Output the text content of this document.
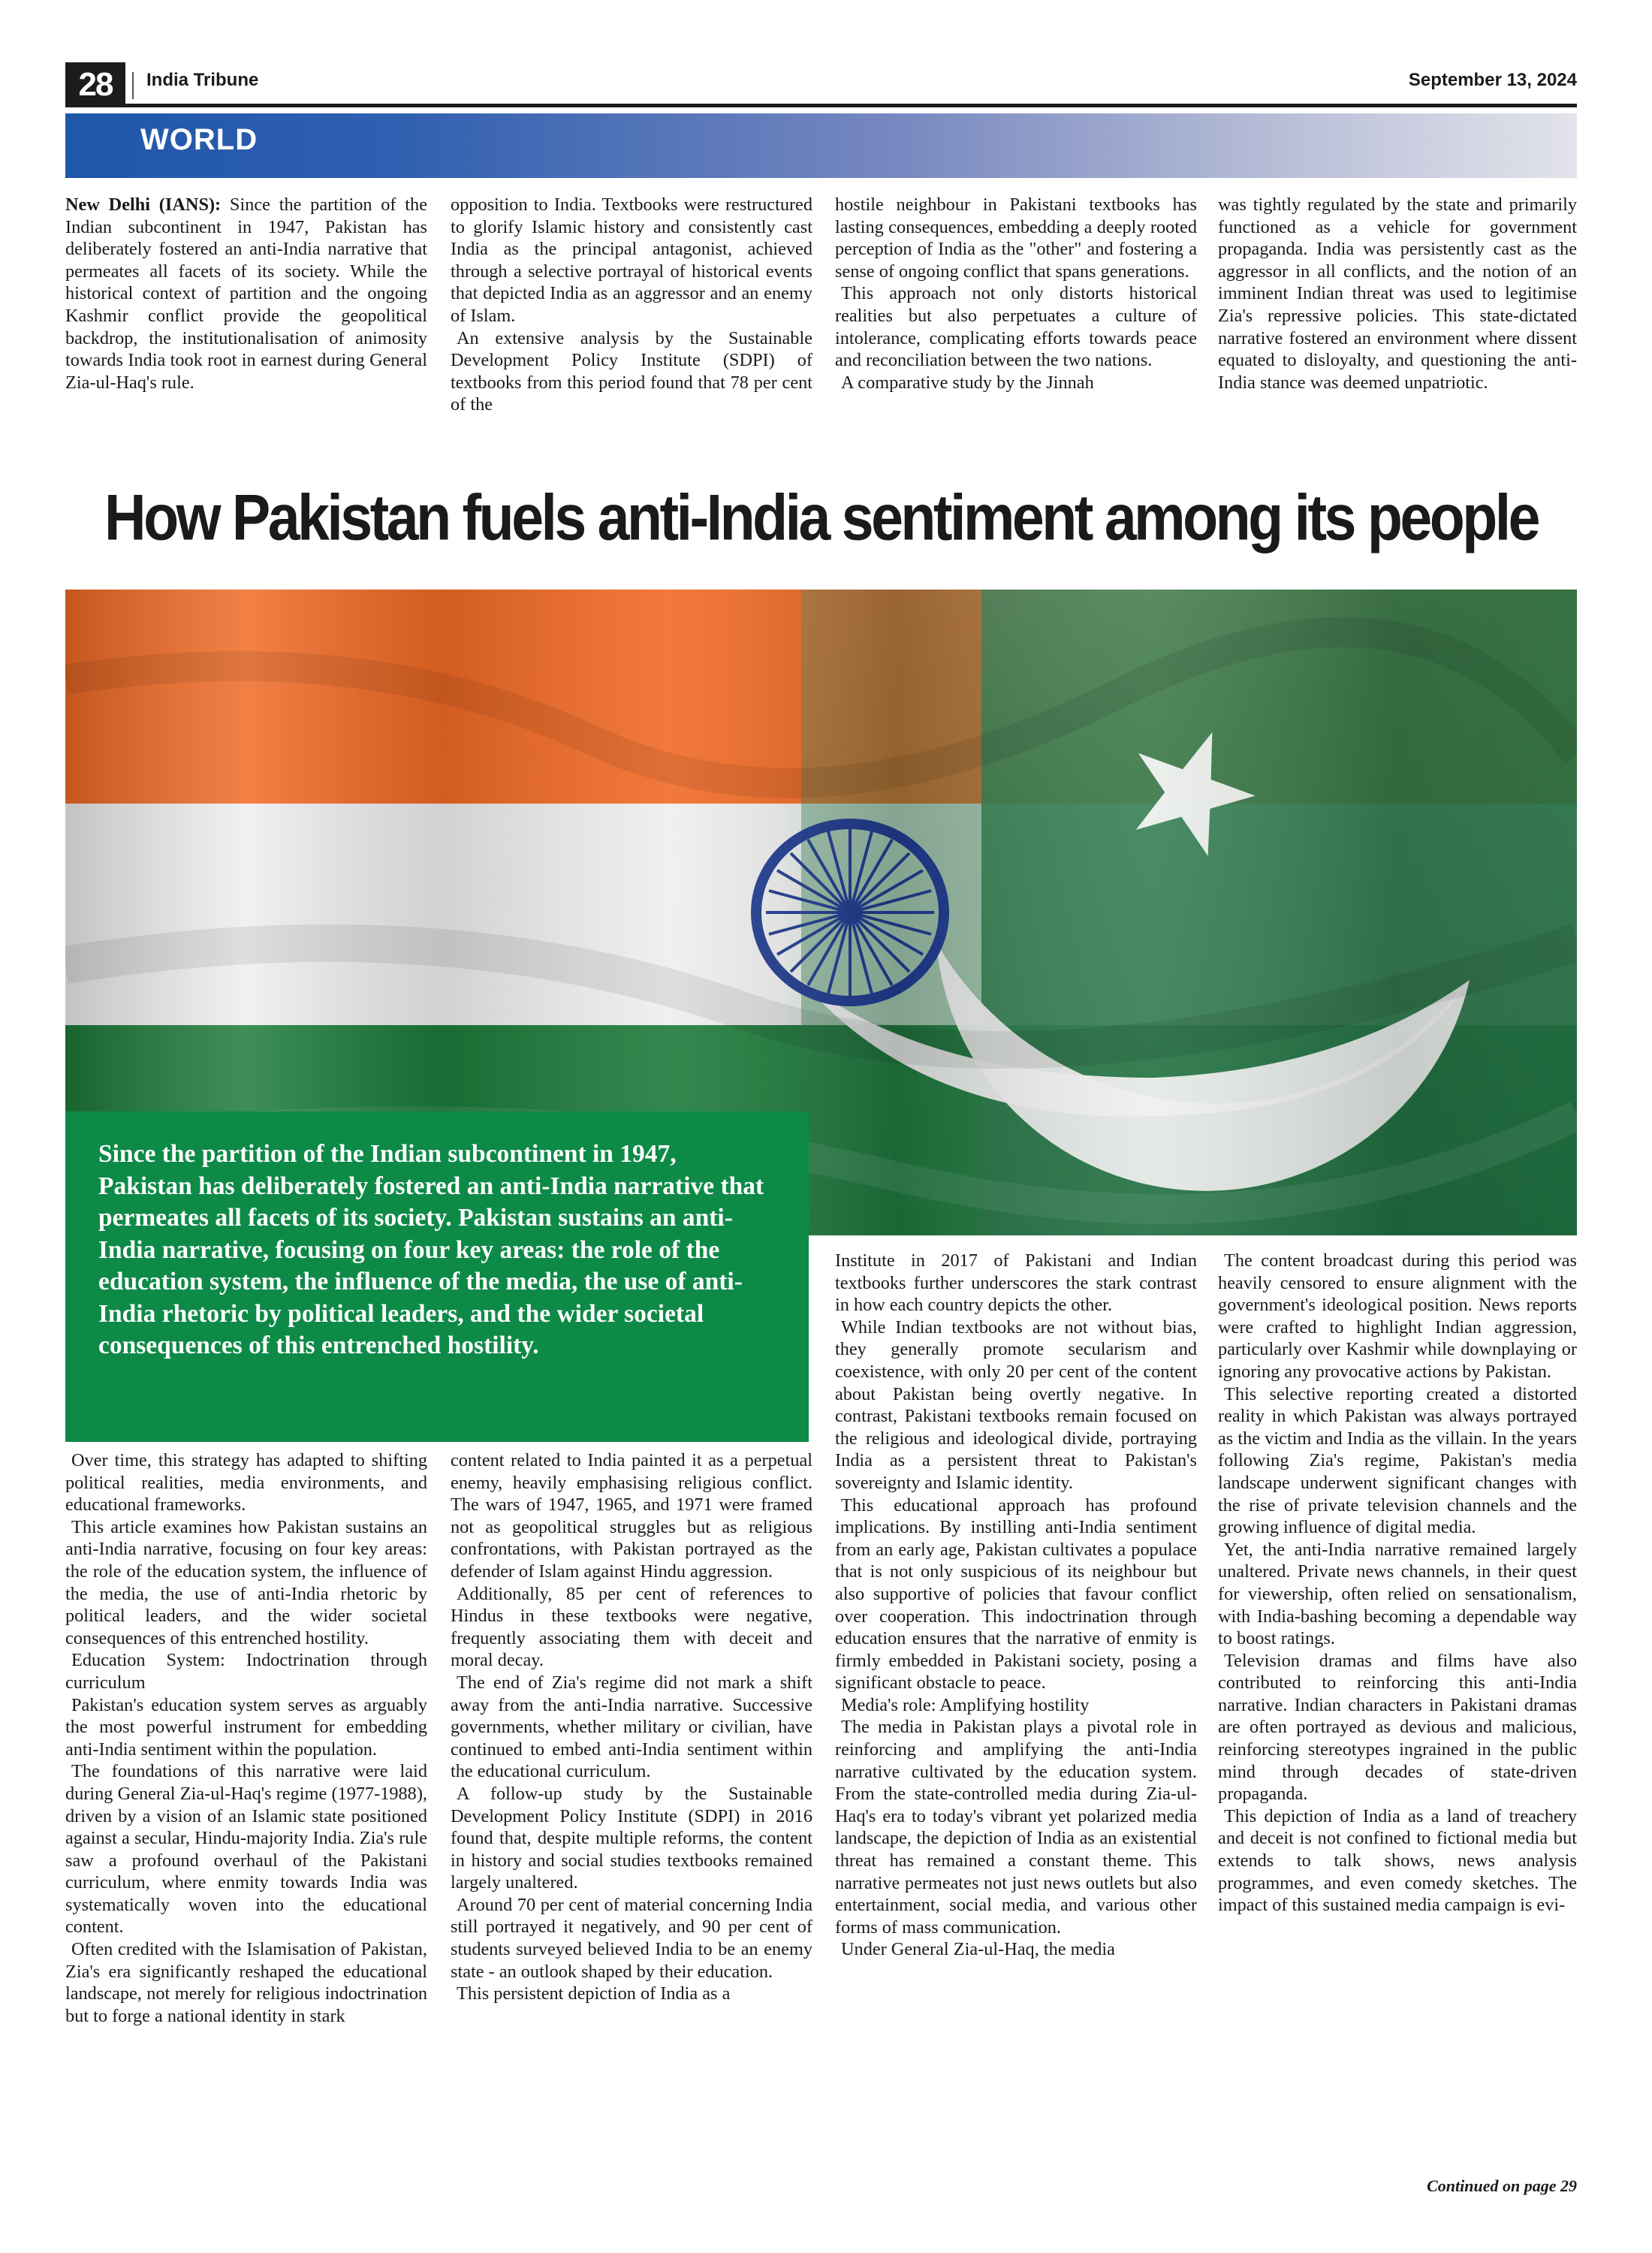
28	India Tribune	September 13, 2024
WORLD

New Delhi (IANS): Since the partition of the Indian subcontinent in 1947, Pakistan has deliberately fostered an anti-India narrative that permeates all facets of its society. While the historical context of partition and the ongoing Kashmir conflict provide the geopolitical backdrop, the institutionalisation of animosity towards India took root in earnest during General Zia-ul-Haq's rule.

opposition to India. Textbooks were restructured to glorify Islamic history and consistently cast India as the principal antagonist, achieved through a selective portrayal of historical events that depicted India as an aggressor and an enemy of Islam.

An extensive analysis by the Sustainable Development Policy Institute (SDPI) of textbooks from this period found that 78 per cent of the

hostile neighbour in Pakistani textbooks has lasting consequences, embedding a deeply rooted perception of India as the "other" and fostering a sense of ongoing conflict that spans generations.

This approach not only distorts historical realities but also perpetuates a culture of intolerance, complicating efforts towards peace and reconciliation between the two nations.

A comparative study by the Jinnah

was tightly regulated by the state and primarily functioned as a vehicle for government propaganda. India was persistently cast as the aggressor in all conflicts, and the notion of an imminent Indian threat was used to legitimise Zia's repressive policies. This state-dictated narrative fostered an environment where dissent equated to disloyalty, and questioning the anti-India stance was deemed unpatriotic.

How Pakistan fuels anti-India sentiment among its people
Since the partition of the Indian subcontinent in 1947, Pakistan has deliberately fostered an anti-India narrative that permeates all facets of its society. Pakistan sustains an anti-India narrative, focusing on four key areas: the role of the education system, the influence of the media, the use of anti-India rhetoric by political leaders, and the wider societal consequences of this entrenched hostility.

Institute in 2017 of Pakistani and Indian textbooks further underscores the stark contrast in how each country depicts the other.

While Indian textbooks are not without bias, they generally promote secularism and coexistence, with only 20 per cent of the content about Pakistan being overtly negative. In contrast, Pakistani textbooks remain focused on the religious and ideological divide, portraying India as a persistent threat to Pakistan's sovereignty and Islamic identity.

This educational approach has profound implications. By instilling anti-India sentiment from an early age, Pakistan cultivates a populace that is not only suspicious of its neighbour but also supportive of policies that favour conflict over cooperation. This indoctrination through education ensures that the narrative of enmity is firmly embedded in Pakistani society, posing a significant obstacle to peace.

Media's role: Amplifying hostility

The media in Pakistan plays a pivotal role in reinforcing and amplifying the anti-India narrative cultivated by the education system. From the state-controlled media during Zia-ul-Haq's era to today's vibrant yet polarized media landscape, the depiction of India as an existential threat has remained a constant theme. This narrative permeates not just news outlets but also entertainment, social media, and various other forms of mass communication.

Under General Zia-ul-Haq, the media

The content broadcast during this period was heavily censored to ensure alignment with the government's ideological position. News reports were crafted to highlight Indian aggression, particularly over Kashmir while downplaying or ignoring any provocative actions by Pakistan.

This selective reporting created a distorted reality in which Pakistan was always portrayed as the victim and India as the villain. In the years following Zia's regime, Pakistan's media landscape underwent significant changes with the rise of private television channels and the growing influence of digital media.

Yet, the anti-India narrative remained largely unaltered. Private news channels, in their quest for viewership, often relied on sensationalism, with India-bashing becoming a dependable way to boost ratings.

Television dramas and films have also contributed to reinforcing this anti-India narrative. Indian characters in Pakistani dramas are often portrayed as devious and malicious, reinforcing stereotypes ingrained in the public mind through decades of state-driven propaganda.

This depiction of India as a land of treachery and deceit is not confined to fictional media but extends to talk shows, news analysis programmes, and even comedy sketches. The impact of this sustained media campaign is evi-

Over time, this strategy has adapted to shifting political realities, media environments, and educational frameworks.

This article examines how Pakistan sustains an anti-India narrative, focusing on four key areas: the role of the education system, the influence of the media, the use of anti-India rhetoric by political leaders, and the wider societal consequences of this entrenched hostility.

Education System: Indoctrination through curriculum

Pakistan's education system serves as arguably the most powerful instrument for embedding anti-India sentiment within the population.

The foundations of this narrative were laid during General Zia-ul-Haq's regime (1977-1988), driven by a vision of an Islamic state positioned against a secular, Hindu-majority India. Zia's rule saw a profound overhaul of the Pakistani curriculum, where enmity towards India was systematically woven into the educational content.

Often credited with the Islamisation of Pakistan, Zia's era significantly reshaped the educational landscape, not merely for religious indoctrination but to forge a national identity in stark

content related to India painted it as a perpetual enemy, heavily emphasising religious conflict. The wars of 1947, 1965, and 1971 were framed not as geopolitical struggles but as religious confrontations, with Pakistan portrayed as the defender of Islam against Hindu aggression.

Additionally, 85 per cent of references to Hindus in these textbooks were negative, frequently associating them with deceit and moral decay.

The end of Zia's regime did not mark a shift away from the anti-India narrative. Successive governments, whether military or civilian, have continued to embed anti-India sentiment within the educational curriculum.

A follow-up study by the Sustainable Development Policy Institute (SDPI) in 2016 found that, despite multiple reforms, the content in history and social studies textbooks remained largely unaltered.

Around 70 per cent of material concerning India still portrayed it negatively, and 90 per cent of students surveyed believed India to be an enemy state - an outlook shaped by their education.

This persistent depiction of India as a

Continued on page 29
